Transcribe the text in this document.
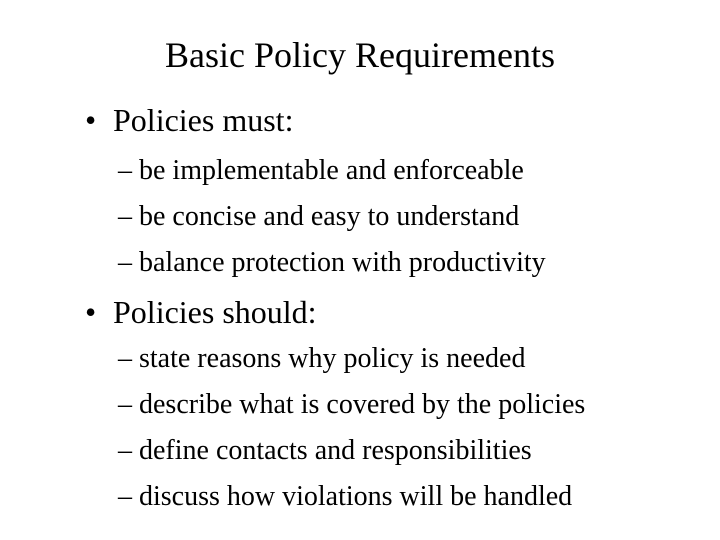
Basic Policy Requirements
• Policies must:
– be implementable and enforceable
– be concise and easy to understand
– balance protection with productivity
• Policies should:
– state reasons why policy is needed
– describe what is covered by the policies
– define contacts and responsibilities
– discuss how violations will be handled
